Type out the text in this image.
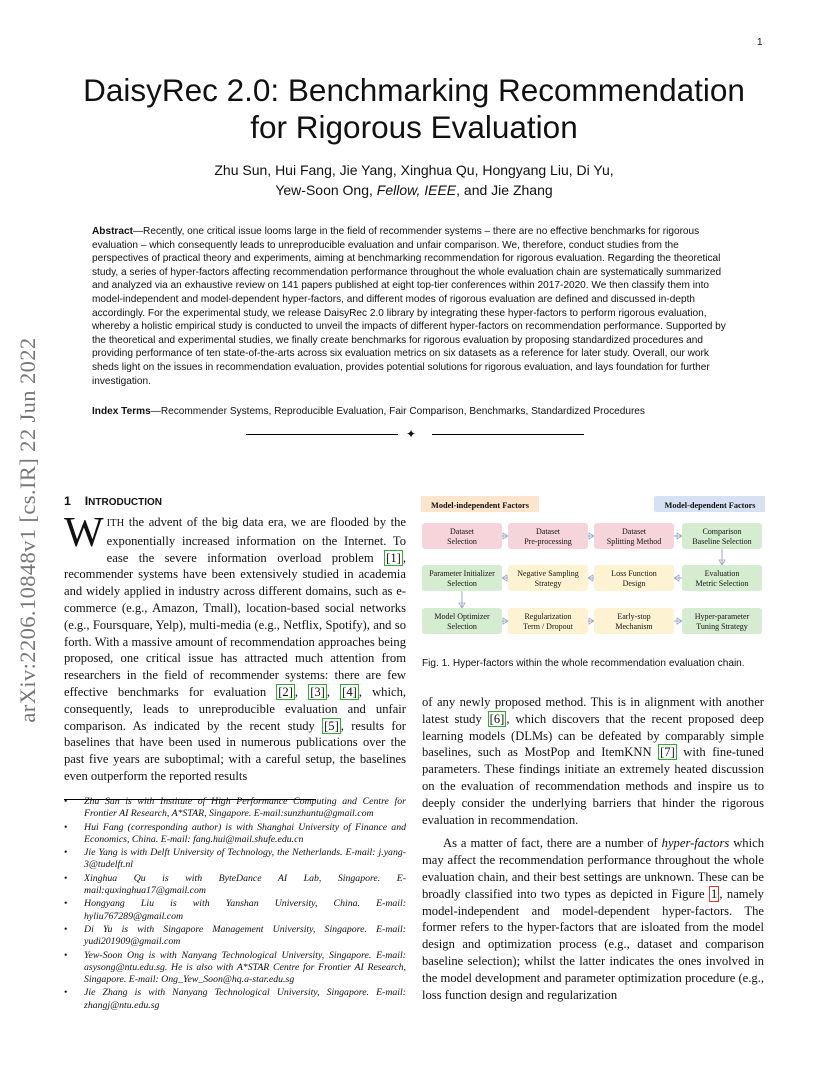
1
DaisyRec 2.0: Benchmarking Recommendation
for Rigorous Evaluation
Zhu Sun, Hui Fang, Jie Yang, Xinghua Qu, Hongyang Liu, Di Yu,
Yew-Soon Ong, Fellow, IEEE, and Jie Zhang
Abstract—Recently, one critical issue looms large in the field of recommender systems – there are no effective benchmarks for rigorous evaluation – which consequently leads to unreproducible evaluation and unfair comparison. We, therefore, conduct studies from the perspectives of practical theory and experiments, aiming at benchmarking recommendation for rigorous evaluation. Regarding the theoretical study, a series of hyper-factors affecting recommendation performance throughout the whole evaluation chain are systematically summarized and analyzed via an exhaustive review on 141 papers published at eight top-tier conferences within 2017-2020. We then classify them into model-independent and model-dependent hyper-factors, and different modes of rigorous evaluation are defined and discussed in-depth accordingly. For the experimental study, we release DaisyRec 2.0 library by integrating these hyper-factors to perform rigorous evaluation, whereby a holistic empirical study is conducted to unveil the impacts of different hyper-factors on recommendation performance. Supported by the theoretical and experimental studies, we finally create benchmarks for rigorous evaluation by proposing standardized procedures and providing performance of ten state-of-the-arts across six evaluation metrics on six datasets as a reference for later study. Overall, our work sheds light on the issues in recommendation evaluation, provides potential solutions for rigorous evaluation, and lays foundation for further investigation.
Index Terms—Recommender Systems, Reproducible Evaluation, Fair Comparison, Benchmarks, Standardized Procedures
✦
arXiv:2206.10848v1 [cs.IR] 22 Jun 2022 1 INTRODUCTION
WITH the advent of the big data era, we are flooded by the exponentially increased information on the Internet. To ease the severe information overload problem [1] , recommender systems have been extensively studied in academia and widely applied in industry across different domains, such as e-commerce (e.g., Amazon, Tmall), location-based social networks (e.g., Foursquare, Yelp), multi-media (e.g., Netflix, Spotify), and so forth. With a massive amount of recommendation approaches being proposed, one critical issue has attracted much attention from researchers in the field of recommender systems: there are few effective benchmarks for evaluation [2] , [3] , [4] , which, consequently, leads to unreproducible evaluation and unfair comparison. As indicated by the recent study [5] , results for baselines that have been used in numerous publications over the past five years are suboptimal; with a careful setup, the baselines even outperform the reported results
• Zhu Sun is with Institute of High Performance Computing and Centre for Frontier AI Research, A*STAR, Singapore. E-mail:sunzhuntu@gmail.com
• Hui Fang (corresponding author) is with Shanghai University of Finance and Economics, China. E-mail: fang.hui@mail.shufe.edu.cn
• Jie Yang is with Delft University of Technology, the Netherlands. E-mail: j.yang-3@tudelft.nl
• Xinghua Qu is with ByteDance AI Lab, Singapore. E-mail:quxinghua17@gmail.com
• Hongyang Liu is with Yanshan University, China. E-mail: hyliu767289@gmail.com
• Di Yu is with Singapore Management University, Singapore. E-mail: yudi201909@gmail.com
• Yew-Soon Ong is with Nanyang Technological University, Singapore. E-mail: asysong@ntu.edu.sg. He is also with A*STAR Centre for Frontier AI Research, Singapore. E-mail: Ong_Yew_Soon@hq.a-star.edu.sg
• Jie Zhang is with Nanyang Technological University, Singapore. E-mail: zhangj@ntu.edu.sg
Model-independent Factors	Model-dependent Factors
Dataset
Selection
Dataset
Pre-processing
Dataset
Splitting Method
Comparison
Baseline Selection
Parameter Initializer
Selection
Negative Sampling
Strategy
Loss Function
Design
Evaluation
Metric Selection
Model Optimizer
Selection
Regularization
Term / Dropout
Early-stop
Mechanism
Hyper-parameter
Tuning Strategy
Fig. 1. Hyper-factors within the whole recommendation evaluation chain.

of any newly proposed method. This is in alignment with another latest study [6] , which discovers that the recent proposed deep learning models (DLMs) can be defeated by comparably simple baselines, such as MostPop and ItemKNN [7] with fine-tuned parameters. These findings initiate an extremely heated discussion on the evaluation of recommendation methods and inspire us to deeply consider the underlying barriers that hinder the rigorous evaluation in recommendation.

As a matter of fact, there are a number of hyper-factors which may affect the recommendation performance throughout the whole evaluation chain, and their best settings are unknown. These can be broadly classified into two types as depicted in Figure 1 , namely model-independent and model-dependent hyper-factors. The former refers to the hyper-factors that are isloated from the model design and optimization process (e.g., dataset and comparison baseline selection); whilst the latter indicates the ones involved in the model development and parameter optimization procedure (e.g., loss function design and regularization
